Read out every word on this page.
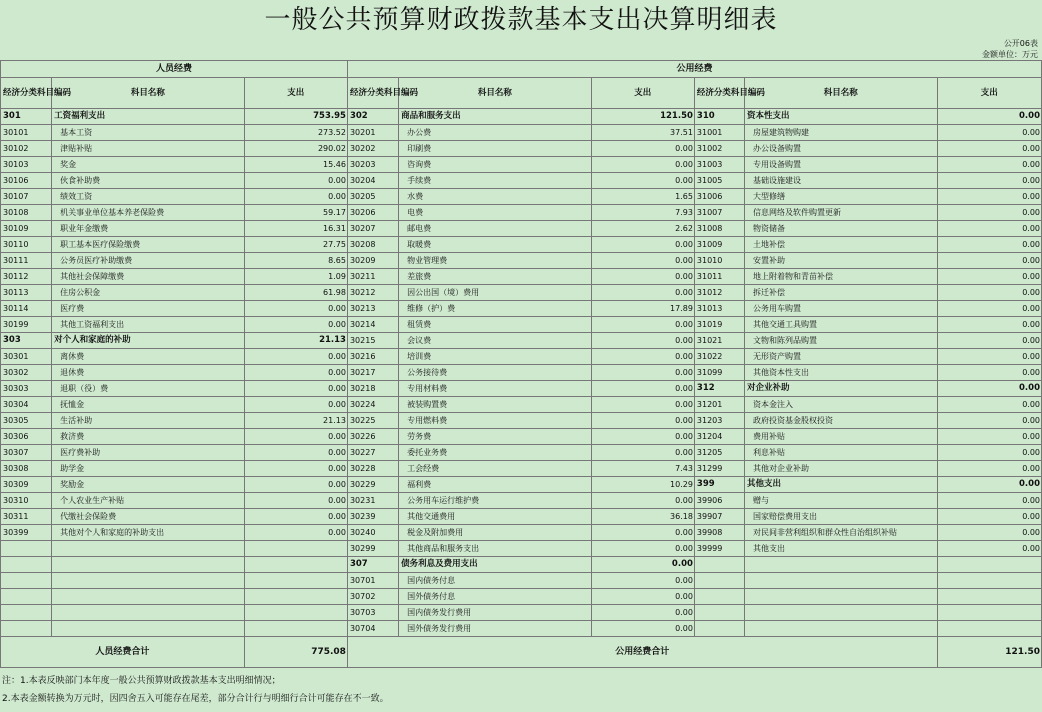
一般公共预算财政拨款基本支出决算明细表
公开06表
金额单位：万元
人员经费			公用经费					
经济分类科目编码	科目名称	支出	经济分类科目编码	科目名称	支出	经济分类科目编码	科目名称	支出
301	工资福利支出	753.95	302	商品和服务支出	121.50	310	资本性支出	0.00
30101	基本工资	273.52	30201	办公费	37.51	31001	房屋建筑物购建	0.00
30102	津贴补贴	290.02	30202	印刷费	0.00	31002	办公设备购置	0.00
30103	奖金	15.46	30203	咨询费	0.00	31003	专用设备购置	0.00
30106	伙食补助费	0.00	30204	手续费	0.00	31005	基础设施建设	0.00
30107	绩效工资	0.00	30205	水费	1.65	31006	大型修缮	0.00
30108	机关事业单位基本养老保险费	59.17	30206	电费	7.93	31007	信息网络及软件购置更新	0.00
30109	职业年金缴费	16.31	30207	邮电费	2.62	31008	物资储备	0.00
30110	职工基本医疗保险缴费	27.75	30208	取暖费	0.00	31009	土地补偿	0.00
30111	公务员医疗补助缴费	8.65	30209	物业管理费	0.00	31010	安置补助	0.00
30112	其他社会保障缴费	1.09	30211	差旅费	0.00	31011	地上附着物和青苗补偿	0.00
30113	住房公积金	61.98	30212	因公出国（境）费用	0.00	31012	拆迁补偿	0.00
30114	医疗费	0.00	30213	维修（护）费	17.89	31013	公务用车购置	0.00
30199	其他工资福利支出	0.00	30214	租赁费	0.00	31019	其他交通工具购置	0.00
303	对个人和家庭的补助	21.13	30215	会议费	0.00	31021	文物和陈列品购置	0.00
30301	离休费	0.00	30216	培训费	0.00	31022	无形资产购置	0.00
30302	退休费	0.00	30217	公务接待费	0.00	31099	其他资本性支出	0.00
30303	退职（役）费	0.00	30218	专用材料费	0.00	312	对企业补助	0.00
30304	抚恤金	0.00	30224	被装购置费	0.00	31201	资本金注入	0.00
30305	生活补助	21.13	30225	专用燃料费	0.00	31203	政府投资基金股权投资	0.00
30306	救济费	0.00	30226	劳务费	0.00	31204	费用补贴	0.00
30307	医疗费补助	0.00	30227	委托业务费	0.00	31205	利息补贴	0.00
30308	助学金	0.00	30228	工会经费	7.43	31299	其他对企业补助	0.00
30309	奖励金	0.00	30229	福利费	10.29	399	其他支出	0.00
30310	个人农业生产补贴	0.00	30231	公务用车运行维护费	0.00	39906	赠与	0.00
30311	代缴社会保险费	0.00	30239	其他交通费用	36.18	39907	国家赔偿费用支出	0.00
30399	其他对个人和家庭的补助支出	0.00	30240	税金及附加费用	0.00	39908	对民间非营利组织和群众性自治组织补贴	0.00
			30299	其他商品和服务支出	0.00	39999	其他支出	0.00
			307	债务利息及费用支出	0.00			
			30701	国内债务付息	0.00			
			30702	国外债务付息	0.00			
			30703	国内债务发行费用	0.00			
			30704	国外债务发行费用	0.00			
人员经费合计		775.08	公用经费合计					121.50
注：1.本表反映部门本年度一般公共预算财政拨款基本支出明细情况；
2.本表金额转换为万元时，因四舍五入可能存在尾差，部分合计行与明细行合计可能存在不一致。
